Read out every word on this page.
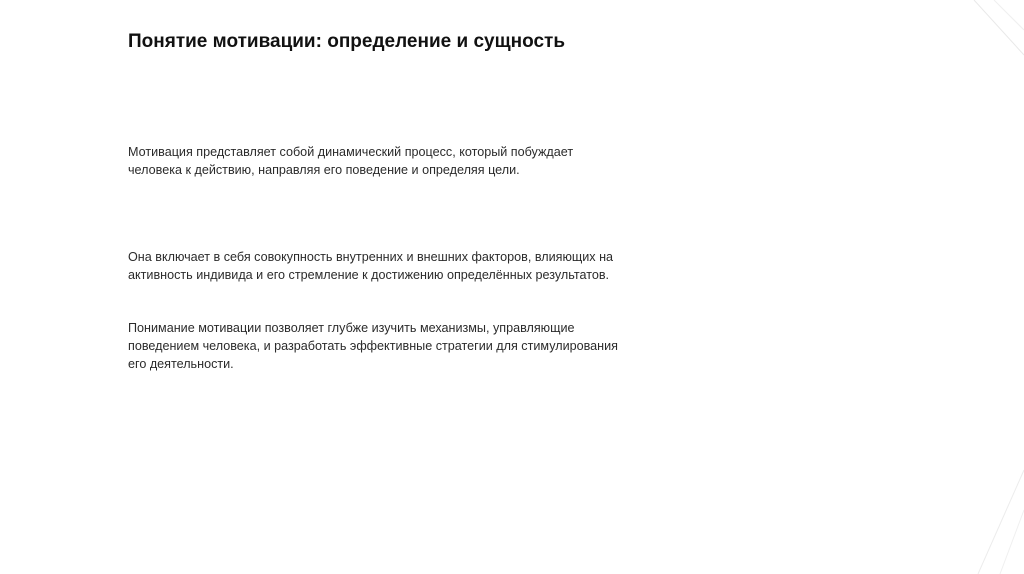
Понятие мотивации: определение и сущность

Мотивация представляет собой динамический процесс, который побуждает
человека к действию, направляя его поведение и определяя цели.

Она включает в себя совокупность внутренних и внешних факторов, влияющих на
активность индивида и его стремление к достижению определённых результатов.

Понимание мотивации позволяет глубже изучить механизмы, управляющие
поведением человека, и разработать эффективные стратегии для стимулирования
его деятельности.
